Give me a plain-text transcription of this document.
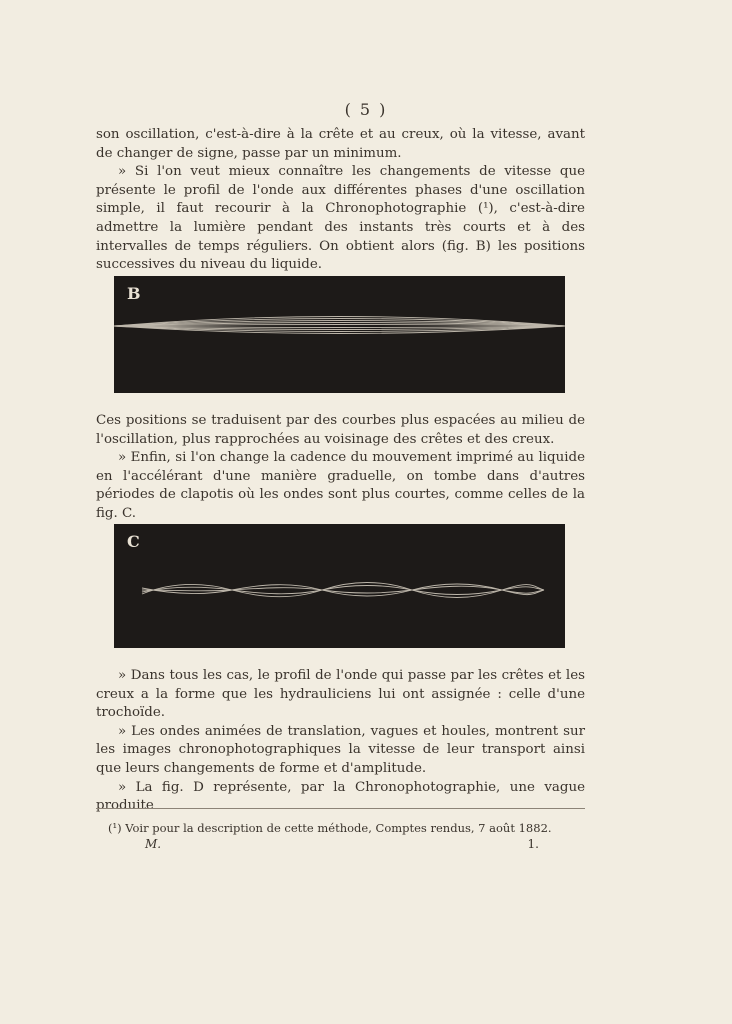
( 5 )

son oscillation, c'est-à-dire à la crête et au creux, où la vitesse, avant de changer de signe, passe par un minimum.

» Si l'on veut mieux connaître les changements de vitesse que présente le profil de l'onde aux différentes phases d'une oscillation simple, il faut recourir à la Chronophotographie (¹), c'est-à-dire admettre la lumière pendant des instants très courts et à des intervalles de temps réguliers. On obtient alors (fig. B) les positions successives du niveau du liquide.

B

Ces positions se traduisent par des courbes plus espacées au milieu de l'oscillation, plus rapprochées au voisinage des crêtes et des creux.

» Enfin, si l'on change la cadence du mouvement imprimé au liquide en l'accélérant d'une manière graduelle, on tombe dans d'autres périodes de clapotis où les ondes sont plus courtes, comme celles de la fig. C.

C

» Dans tous les cas, le profil de l'onde qui passe par les crêtes et les creux a la forme que les hydrauliciens lui ont assignée : celle d'une trochoïde.

» Les ondes animées de translation, vagues et houles, montrent sur les images chronophotographiques la vitesse de leur transport ainsi que leurs changements de forme et d'amplitude.

» La fig. D représente, par la Chronophotographie, une vague produite

(¹) Voir pour la description de cette méthode, Comptes rendus, 7 août 1882.
M.	1.
